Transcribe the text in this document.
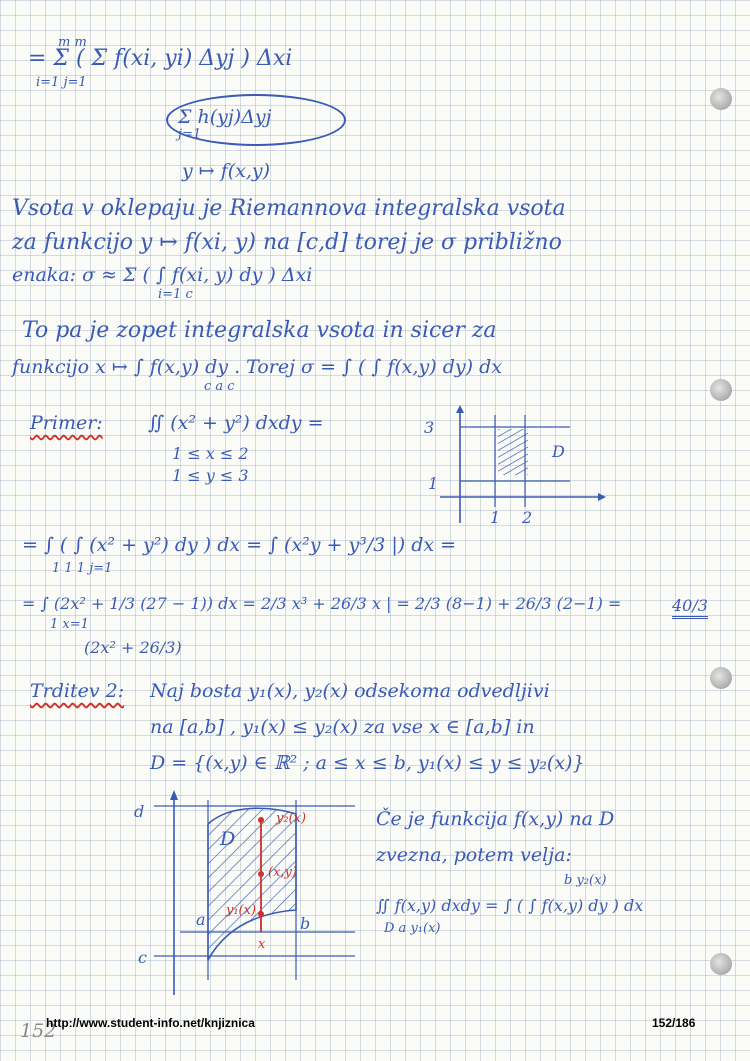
= Σ ( Σ f(xi, yi) Δyj ) Δxi
m m
i=1 j=1
Σ h(yj)Δyj
j=1
y ↦ f(x,y)
Vsota v oklepaju je Riemannova integralska vsota
za funkcijo y ↦ f(xi, y) na [c,d] torej je σ približno
enaka: σ ≈ Σ ( ∫ f(xi, y) dy ) Δxi
i=1 c
To pa je zopet integralska vsota in sicer za
funkcijo x ↦ ∫ f(x,y) dy . Torej σ = ∫ ( ∫ f(x,y) dy) dx
c a c
Primer: ∬ (x² + y²) dxdy =
1 ≤ x ≤ 2
1 ≤ y ≤ 3
3
1
1 2
D
= ∫ ( ∫ (x² + y²) dy ) dx = ∫ (x²y + y³/3 |) dx =
1 1 1 j=1
= ∫ (2x² + 1/3 (27 − 1)) dx = 2/3 x³ + 26/3 x | = 2/3 (8−1) + 26/3 (2−1) =	40/3
1 x=1
(2x² + 26/3)
Trditev 2: Naj bosta y₁(x), y₂(x) odsekoma odvedljivi
na [a,b] , y₁(x) ≤ y₂(x) za vse x ∈ [a,b] in
D = {(x,y) ∈ ℝ² ; a ≤ x ≤ b, y₁(x) ≤ y ≤ y₂(x)}
d
c
a	b
D
y₂(x)
(x,y)
y₁(x)
x
Če je funkcija f(x,y) na D
zvezna, potem velja:
b y₂(x)
∬ f(x,y) dxdy = ∫ ( ∫ f(x,y) dy ) dx
D a y₁(x)
152
http://www.student-info.net/knjiznica	152/186
